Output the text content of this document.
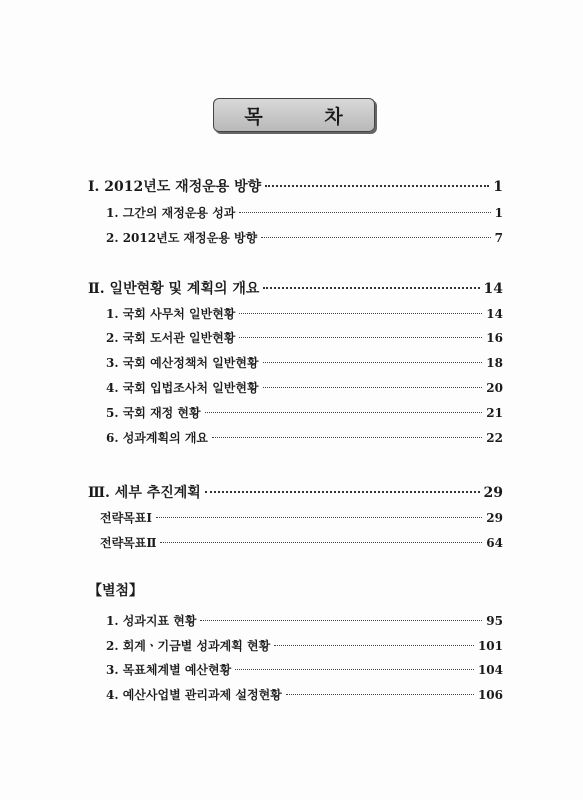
목	차
Ⅰ. 2012년도 재정운용 방향	1
1. 그간의 재정운용 성과	1
2. 2012년도 재정운용 방향	7
Ⅱ. 일반현황 및 계획의 개요	14
1. 국회 사무처 일반현황	14
2. 국회 도서관 일반현황	16
3. 국회 예산정책처 일반현황	18
4. 국회 입법조사처 일반현황	20
5. 국회 재정 현황	21
6. 성과계획의 개요	22
Ⅲ. 세부 추진계획	29
전략목표Ⅰ	29
전략목표Ⅱ	64
【별첨】
1. 성과지표 현황	95
2. 회계ㆍ기금별 성과계획 현황	101
3. 목표체계별 예산현황	104
4. 예산사업별 관리과제 설정현황	106
